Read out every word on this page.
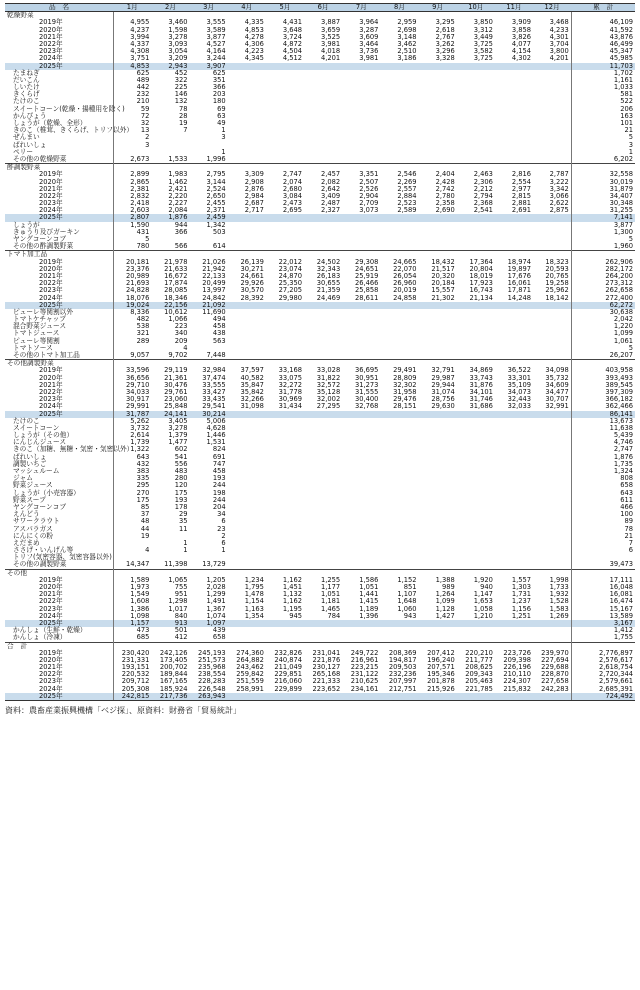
品　名	1月	2月	3月	4月	5月	6月	7月	8月	9月	10月	11月	12月	累　計
乾燥野菜													
2019年	4,955	3,460	3,555	4,335	4,431	3,887	3,964	2,959	3,295	3,850	3,909	3,468	46,109
2020年	4,237	1,598	3,589	4,853	3,648	3,659	3,287	2,698	2,618	3,312	3,858	4,233	41,592
2021年	3,994	3,278	3,877	4,278	3,724	3,525	3,609	3,148	2,767	3,449	3,826	4,301	43,876
2022年	4,337	3,093	4,527	4,306	4,872	3,981	3,464	3,462	3,262	3,725	4,077	3,704	46,499
2023年	4,308	3,054	4,164	4,223	4,504	4,018	3,736	2,510	3,296	3,582	4,154	3,800	45,347
2024年	3,751	3,209	3,244	4,345	4,512	4,201	3,981	3,186	3,328	3,725	4,302	4,201	45,985
2025年	4,853	2,943	3,907										11,703
たまねぎ	625	452	625										1,702
だいこん	489	322	351										1,161
しいたけ	442	225	366										1,033
きくらげ	232	146	203										581
たけのこ	210	132	180										522
スイートコーン(乾燥・揚種用を除く)	59	78	69										206
かんぴょう	72	28	63										163
しょうが（乾燥、全形）	32	19	49										101
きのこ（椎茸、きくらげ、トリフ以外）	13	7	1										21
ぜんまい	2		3										5
ばれいしょ	3												3
ペリー			1										1
その他の乾燥野菜	2,673	1,533	1,996										6,202
酢調製野菜													
2019年	2,899	1,983	2,795	3,309	2,747	2,457	3,351	2,546	2,404	2,463	2,816	2,787	32,558
2020年	2,865	1,462	3,144	2,908	2,074	2,082	2,507	2,269	2,428	2,306	2,554	3,222	30,019
2021年	2,381	2,421	2,524	2,876	2,680	2,642	2,526	2,557	2,742	2,212	2,977	3,342	31,879
2022年	2,832	2,220	2,650	2,984	3,084	3,409	2,904	2,884	2,780	2,794	2,815	3,066	34,407
2023年	2,418	2,227	2,455	2,687	2,473	2,487	2,709	2,523	2,358	2,368	2,881	2,622	30,348
2024年	2,603	2,084	2,371	2,717	2,695	2,327	3,073	2,589	2,690	2,541	2,691	2,875	31,255
2025年	2,807	1,876	2,459										7,141
しょうが	1,590	944	1,342										3,877
きゅうり及びガーキン	431	366	503										1,300
ヤングコーンコブ	5												5
その他の酢調製野菜	780	566	614										1,960
トマト加工品													
2019年	20,181	21,978	21,026	26,139	22,012	24,502	29,308	24,665	18,432	17,364	18,974	18,323	262,906
2020年	23,376	21,633	21,942	30,271	23,074	32,343	24,651	22,070	21,517	20,804	19,897	20,593	282,172
2021年	20,989	16,672	22,133	24,661	24,870	26,183	25,919	26,054	20,320	18,019	17,676	20,765	264,200
2022年	21,693	17,874	20,499	29,926	25,350	30,655	26,466	26,960	20,184	17,923	16,061	19,258	273,312
2023年	24,828	28,085	13,997	30,570	27,205	21,359	25,858	20,019	15,557	16,743	17,871	25,962	262,658
2024年	18,076	18,346	24,842	28,392	29,980	24,469	28,611	24,858	21,302	21,134	14,248	18,142	272,400
2025年	19,024	22,156	21,092										62,272
ピューレ等関割以外	8,336	10,612	11,690										30,638
トマトケチャップ	482	1,066	494										2,042
混合野菜ジュース	538	223	458										1,220
トマトジュース	321	340	438										1,099
ピューレ等関割	289	209	563										1,061
トマトソース		4											5
その他のトマト加工品	9,057	9,702	7,448										26,207
その他調製野菜													
2019年	33,596	29,119	32,984	37,597	33,168	33,028	36,695	29,491	32,791	34,869	36,522	34,098	403,958
2020年	36,656	21,361	37,474	40,582	33,075	31,822	30,951	28,809	29,987	33,743	33,301	35,732	393,493
2021年	29,710	30,476	33,555	35,847	32,272	32,572	31,273	32,302	29,944	31,876	35,109	34,609	389,545
2022年	34,033	29,761	33,427	35,842	31,778	35,128	31,555	31,958	31,074	34,101	34,073	34,477	397,309
2023年	30,917	23,060	33,435	32,266	30,969	32,002	30,400	29,476	28,756	31,746	32,443	30,707	366,182
2024年	29,991	25,848	29,541	31,098	31,434	27,295	32,768	28,151	29,630	31,686	32,033	32,991	362,466
2025年	31,787	24,141	30,214										86,141
たけのこ	5,262	3,405	5,006										13,673
スイートコーン	3,732	3,278	4,628										11,638
しょうが（その他）	2,614	1,379	1,446										5,439
にんじんジュース	1,739	1,477	1,531										4,746
きのこ（加糖、無糖・気密・気密以外）	1,322	602	824										2,747
ばれいしょ	643	541	691										1,876
調製いちご	432	556	747										1,735
マッシュルーム	383	483	458										1,324
ジャム	335	280	193										808
野菜ジュース	295	120	244										658
しょうが（小売容器）	270	175	198										643
野菜スープ	175	193	244										611
ヤングコーンコブ	85	178	204										466
えんどう	37	29	34										100
サワークラウト	48	35	6										89
アスパラガス	44	11	23										78
にんにくの粉	19		2										21
えだまめ		1	6										7
ささげ・いんげん等	4	1	1										6
トリフ(気密容器、気密容器以外)													
その他の調製野菜	14,347	11,398	13,729										39,473
その他													
2019年	1,589	1,065	1,205	1,234	1,162	1,255	1,586	1,152	1,388	1,920	1,557	1,998	17,111
2020年	1,973	755	2,028	1,795	1,451	1,177	1,051	851	989	940	1,303	1,733	16,048
2021年	1,549	951	1,299	1,478	1,132	1,051	1,441	1,107	1,264	1,147	1,731	1,932	16,081
2022年	1,608	1,298	1,491	1,154	1,162	1,181	1,415	1,648	1,099	1,653	1,237	1,528	16,474
2023年	1,386	1,017	1,367	1,163	1,195	1,465	1,189	1,060	1,128	1,058	1,156	1,583	15,167
2024年	1,098	840	1,074	1,354	945	784	1,396	943	1,427	1,210	1,251	1,269	13,589
2025年	1,157	913	1,097										3,167
かんしょ（生鮮・乾燥）	473	501	439										1,412
かんしょ（冷凍）	685	412	658										1,755
合　計													
2019年	230,420	242,126	245,193	274,360	232,826	231,041	249,722	208,369	207,412	220,210	223,726	239,970	2,776,897
2020年	231,331	173,405	251,573	264,882	240,874	221,876	216,961	194,817	196,240	211,777	209,398	227,694	2,576,617
2021年	193,151	200,702	235,968	243,462	211,049	230,127	223,215	209,503	207,571	208,625	226,196	229,688	2,618,754
2022年	220,532	189,844	238,554	259,842	229,851	265,168	231,122	232,236	195,346	209,343	210,110	228,870	2,720,344
2023年	209,712	167,165	228,283	251,559	216,060	221,333	210,625	207,997	201,878	205,463	224,307	227,658	2,579,661
2024年	205,308	185,924	226,548	258,991	229,899	223,652	234,161	212,751	215,926	221,785	215,832	242,283	2,685,391
2025年	242,815	217,736	263,943										724,492
資料：農畜産業振興機構「ベジ探」、原資料：財務省「貿易統計」
